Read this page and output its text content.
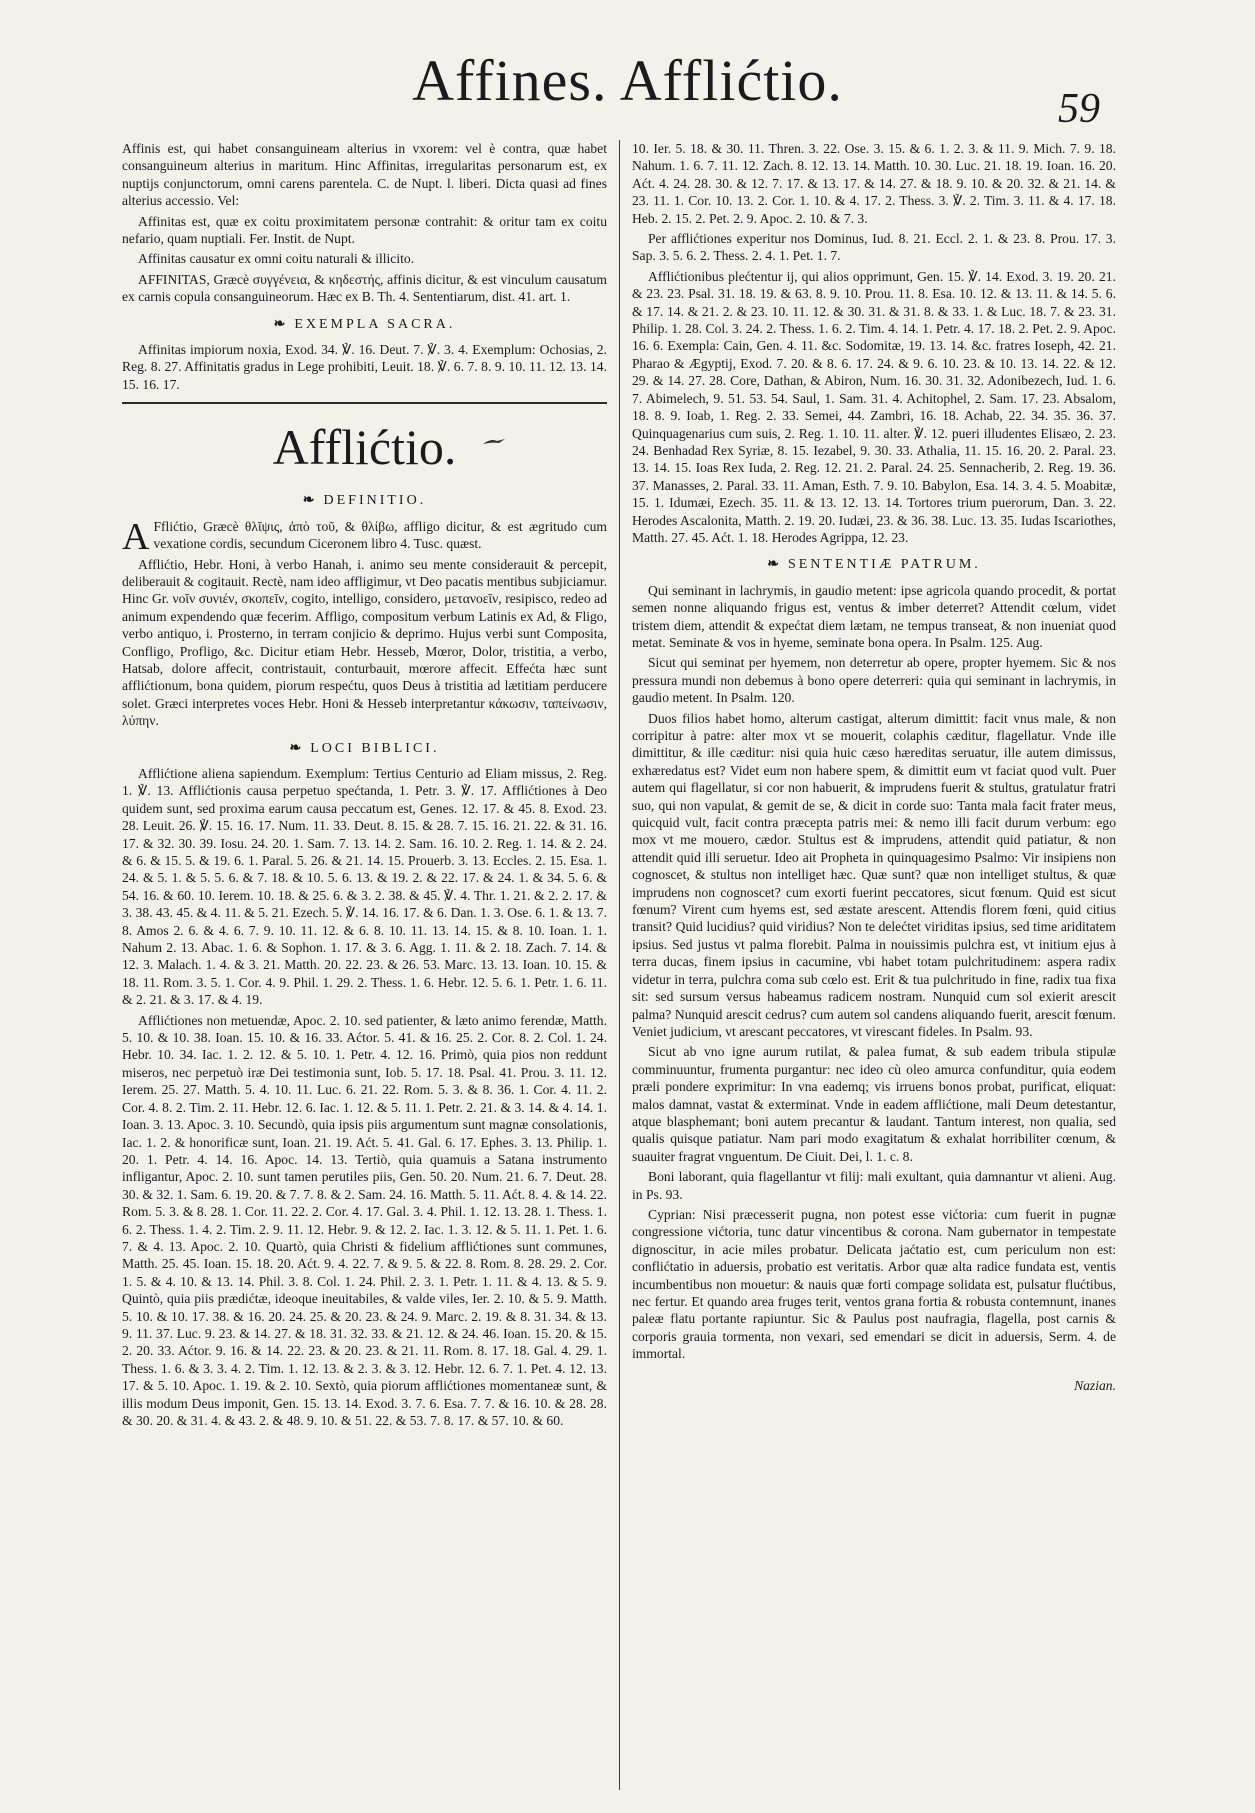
Affines. Afflićtio.	59

Affinis est, qui habet consanguineam alterius in vxorem: vel è contra, quæ habet consanguineum alterius in maritum. Hinc Affinitas, irregularitas personarum est, ex nuptijs conjunctorum, omni carens parentela. C. de Nupt. l. liberi. Dicta quasi ad fines alterius accessio. Vel:

Affinitas est, quæ ex coitu proximitatem personæ contrahit: & oritur tam ex coitu nefario, quam nuptiali. Fer. Instit. de Nupt.

Affinitas causatur ex omni coitu naturali & illicito.

AFFINITAS, Græcè συγγένεια, & κηδεστής, affinis dicitur, & est vinculum causatum ex carnis copula consanguineorum. Hæc ex B. Th. 4. Sententiarum, dist. 41. art. 1.

❧ EXEMPLA SACRA.

Affinitas impiorum noxia, Exod. 34. ℣. 16. Deut. 7. ℣. 3. 4. Exemplum: Ochosias, 2. Reg. 8. 27. Affinitatis gradus in Lege prohibiti, Leuit. 18. ℣. 6. 7. 8. 9. 10. 11. 12. 13. 14. 15. 16. 17.

Afflićtio.
❧ DEFINITIO.

A Fflićtio, Græcè θλῖψις, ἀπὸ τοῦ, & θλίβω, affligo dicitur, & est ægritudo cum vexatione cordis, secundum Ciceronem libro 4. Tusc. quæst.

Afflićtio, Hebr. Honi, à verbo Hanah, i. animo seu mente considerauit & percepit, deliberauit & cogitauit. Rectè, nam ideo affligimur, vt Deo pacatis mentibus subjiciamur. Hinc Gr. νοῖν συνιέν, σκοπεῖν, cogito, intelligo, considero, μετανοεῖν, resipisco, redeo ad animum expendendo quæ fecerim. Affligo, compositum verbum Latinis ex Ad, & Fligo, verbo antiquo, i. Prosterno, in terram conjicio & deprimo. Hujus verbi sunt Composita, Confligo, Profligo, &c. Dicitur etiam Hebr. Hesseb, Mœror, Dolor, tristitia, a verbo, Hatsab, dolore affecit, contristauit, conturbauit, mœrore affecit. Effećta hæc sunt afflićtionum, bona quidem, piorum respećtu, quos Deus à tristitia ad lætitiam perducere solet. Græci interpretes voces Hebr. Honi & Hesseb interpretantur κάκωσιν, ταπείνωσιν, λύπην.

❧ LOCI BIBLICI.

Afflićtione aliena sapiendum. Exemplum: Tertius Centurio ad Eliam missus, 2. Reg. 1. ℣. 13. Afflićtionis causa perpetuo spećtanda, 1. Petr. 3. ℣. 17. Afflićtiones à Deo quidem sunt, sed proxima earum causa peccatum est, Genes. 12. 17. & 45. 8. Exod. 23. 28. Leuit. 26. ℣. 15. 16. 17. Num. 11. 33. Deut. 8. 15. & 28. 7. 15. 16. 21. 22. & 31. 16. 17. & 32. 30. 39. Iosu. 24. 20. 1. Sam. 7. 13. 14. 2. Sam. 16. 10. 2. Reg. 1. 14. & 2. 24. & 6. & 15. 5. & 19. 6. 1. Paral. 5. 26. & 21. 14. 15. Prouerb. 3. 13. Eccles. 2. 15. Esa. 1. 24. & 5. 1. & 5. 5. 6. & 7. 18. & 10. 5. 6. 13. & 19. 2. & 22. 17. & 24. 1. & 34. 5. 6. & 54. 16. & 60. 10. Ierem. 10. 18. & 25. 6. & 3. 2. 38. & 45. ℣. 4. Thr. 1. 21. & 2. 2. 17. & 3. 38. 43. 45. & 4. 11. & 5. 21. Ezech. 5. ℣. 14. 16. 17. & 6. Dan. 1. 3. Ose. 6. 1. & 13. 7. 8. Amos 2. 6. & 4. 6. 7. 9. 10. 11. 12. & 6. 8. 10. 11. 13. 14. 15. & 8. 10. Ioan. 1. 1. Nahum 2. 13. Abac. 1. 6. & Sophon. 1. 17. & 3. 6. Agg. 1. 11. & 2. 18. Zach. 7. 14. & 12. 3. Malach. 1. 4. & 3. 21. Matth. 20. 22. 23. & 26. 53. Marc. 13. 13. Ioan. 10. 15. & 18. 11. Rom. 3. 5. 1. Cor. 4. 9. Phil. 1. 29. 2. Thess. 1. 6. Hebr. 12. 5. 6. 1. Petr. 1. 6. 11. & 2. 21. & 3. 17. & 4. 19.

Afflićtiones non metuendæ, Apoc. 2. 10. sed patienter, & læto animo ferendæ, Matth. 5. 10. & 10. 38. Ioan. 15. 10. & 16. 33. Aćtor. 5. 41. & 16. 25. 2. Cor. 8. 2. Col. 1. 24. Hebr. 10. 34. Iac. 1. 2. 12. & 5. 10. 1. Petr. 4. 12. 16. Primò, quia pios non reddunt miseros, nec perpetuò iræ Dei testimonia sunt, Iob. 5. 17. 18. Psal. 41. Prou. 3. 11. 12. Ierem. 25. 27. Matth. 5. 4. 10. 11. Luc. 6. 21. 22. Rom. 5. 3. & 8. 36. 1. Cor. 4. 11. 2. Cor. 4. 8. 2. Tim. 2. 11. Hebr. 12. 6. Iac. 1. 12. & 5. 11. 1. Petr. 2. 21. & 3. 14. & 4. 14. 1. Ioan. 3. 13. Apoc. 3. 10. Secundò, quia ipsis piis argumentum sunt magnæ consolationis, Iac. 1. 2. & honorificæ sunt, Ioan. 21. 19. Aćt. 5. 41. Gal. 6. 17. Ephes. 3. 13. Philip. 1. 20. 1. Petr. 4. 14. 16. Apoc. 14. 13. Tertiò, quia quamuis a Satana instrumento infligantur, Apoc. 2. 10. sunt tamen perutiles piis, Gen. 50. 20. Num. 21. 6. 7. Deut. 28. 30. & 32. 1. Sam. 6. 19. 20. & 7. 7. 8. & 2. Sam. 24. 16. Matth. 5. 11. Aćt. 8. 4. & 14. 22. Rom. 5. 3. & 8. 28. 1. Cor. 11. 22. 2. Cor. 4. 17. Gal. 3. 4. Phil. 1. 12. 13. 28. 1. Thess. 1. 6. 2. Thess. 1. 4. 2. Tim. 2. 9. 11. 12. Hebr. 9. & 12. 2. Iac. 1. 3. 12. & 5. 11. 1. Pet. 1. 6. 7. & 4. 13. Apoc. 2. 10. Quartò, quia Christi & fidelium afflićtiones sunt communes, Matth. 25. 45. Ioan. 15. 18. 20. Aćt. 9. 4. 22. 7. & 9. 5. & 22. 8. Rom. 8. 28. 29. 2. Cor. 1. 5. & 4. 10. & 13. 14. Phil. 3. 8. Col. 1. 24. Phil. 2. 3. 1. Petr. 1. 11. & 4. 13. & 5. 9. Quintò, quia piis prædićtæ, ideoque ineuitabiles, & valde viles, Ier. 2. 10. & 5. 9. Matth. 5. 10. & 10. 17. 38. & 16. 20. 24. 25. & 20. 23. & 24. 9. Marc. 2. 19. & 8. 31. 34. & 13. 9. 11. 37. Luc. 9. 23. & 14. 27. & 18. 31. 32. 33. & 21. 12. & 24. 46. Ioan. 15. 20. & 15. 2. 20. 33. Aćtor. 9. 16. & 14. 22. 23. & 20. 23. & 21. 11. Rom. 8. 17. 18. Gal. 4. 29. 1. Thess. 1. 6. & 3. 3. 4. 2. Tim. 1. 12. 13. & 2. 3. & 3. 12. Hebr. 12. 6. 7. 1. Pet. 4. 12. 13. 17. & 5. 10. Apoc. 1. 19. & 2. 10. Sextò, quia piorum afflićtiones momentaneæ sunt, & illis modum Deus imponit, Gen. 15. 13. 14. Exod. 3. 7. 6. Esa. 7. 7. & 16. 10. & 28. 28. & 30. 20. & 31. 4. & 43. 2. & 48. 9. 10. & 51. 22. & 53. 7. 8. 17. & 57. 10. & 60.

10. Ier. 5. 18. & 30. 11. Thren. 3. 22. Ose. 3. 15. & 6. 1. 2. 3. & 11. 9. Mich. 7. 9. 18. Nahum. 1. 6. 7. 11. 12. Zach. 8. 12. 13. 14. Matth. 10. 30. Luc. 21. 18. 19. Ioan. 16. 20. Aćt. 4. 24. 28. 30. & 12. 7. 17. & 13. 17. & 14. 27. & 18. 9. 10. & 20. 32. & 21. 14. & 23. 11. 1. Cor. 10. 13. 2. Cor. 1. 10. & 4. 17. 2. Thess. 3. ℣. 2. Tim. 3. 11. & 4. 17. 18. Heb. 2. 15. 2. Pet. 2. 9. Apoc. 2. 10. & 7. 3.

Per afflićtiones experitur nos Dominus, Iud. 8. 21. Eccl. 2. 1. & 23. 8. Prou. 17. 3. Sap. 3. 5. 6. 2. Thess. 2. 4. 1. Pet. 1. 7.

Afflićtionibus plećtentur ij, qui alios opprimunt, Gen. 15. ℣. 14. Exod. 3. 19. 20. 21. & 23. 23. Psal. 31. 18. 19. & 63. 8. 9. 10. Prou. 11. 8. Esa. 10. 12. & 13. 11. & 14. 5. 6. & 17. 14. & 21. 2. & 23. 10. 11. 12. & 30. 31. & 31. 8. & 33. 1. & Luc. 18. 7. & 23. 31. Philip. 1. 28. Col. 3. 24. 2. Thess. 1. 6. 2. Tim. 4. 14. 1. Petr. 4. 17. 18. 2. Pet. 2. 9. Apoc. 16. 6. Exempla: Cain, Gen. 4. 11. &c. Sodomitæ, 19. 13. 14. &c. fratres Ioseph, 42. 21. Pharao & Ægyptij, Exod. 7. 20. & 8. 6. 17. 24. & 9. 6. 10. 23. & 10. 13. 14. 22. & 12. 29. & 14. 27. 28. Core, Dathan, & Abiron, Num. 16. 30. 31. 32. Adonibezech, Iud. 1. 6. 7. Abimelech, 9. 51. 53. 54. Saul, 1. Sam. 31. 4. Achitophel, 2. Sam. 17. 23. Absalom, 18. 8. 9. Ioab, 1. Reg. 2. 33. Semei, 44. Zambri, 16. 18. Achab, 22. 34. 35. 36. 37. Quinquagenarius cum suis, 2. Reg. 1. 10. 11. alter. ℣. 12. pueri illudentes Elisæo, 2. 23. 24. Benhadad Rex Syriæ, 8. 15. Iezabel, 9. 30. 33. Athalia, 11. 15. 16. 20. 2. Paral. 23. 13. 14. 15. Ioas Rex Iuda, 2. Reg. 12. 21. 2. Paral. 24. 25. Sennacherib, 2. Reg. 19. 36. 37. Manasses, 2. Paral. 33. 11. Aman, Esth. 7. 9. 10. Babylon, Esa. 14. 3. 4. 5. Moabitæ, 15. 1. Idumæi, Ezech. 35. 11. & 13. 12. 13. 14. Tortores trium puerorum, Dan. 3. 22. Herodes Ascalonita, Matth. 2. 19. 20. Iudæi, 23. & 36. 38. Luc. 13. 35. Iudas Iscariothes, Matth. 27. 45. Aćt. 1. 18. Herodes Agrippa, 12. 23.

❧ SENTENTIÆ PATRUM.

Qui seminant in lachrymis, in gaudio metent: ipse agricola quando procedit, & portat semen nonne aliquando frigus est, ventus & imber deterret? Attendit cœlum, videt tristem diem, attendit & expećtat diem lætam, ne tempus transeat, & non inueniat quod metat. Seminate & vos in hyeme, seminate bona opera. In Psalm. 125. Aug.

Sicut qui seminat per hyemem, non deterretur ab opere, propter hyemem. Sic & nos pressura mundi non debemus à bono opere deterreri: quia qui seminant in lachrymis, in gaudio metent. In Psalm. 120.

Duos filios habet homo, alterum castigat, alterum dimittit: facit vnus male, & non corripitur à patre: alter mox vt se mouerit, colaphis cæditur, flagellatur. Vnde ille dimittitur, & ille cæditur: nisi quia huic cæso hæreditas seruatur, ille autem dimissus, exhæredatus est? Videt eum non habere spem, & dimittit eum vt faciat quod vult. Puer autem qui flagellatur, si cor non habuerit, & imprudens fuerit & stultus, gratulatur fratri suo, qui non vapulat, & gemit de se, & dicit in corde suo: Tanta mala facit frater meus, quicquid vult, facit contra præcepta patris mei: & nemo illi facit durum verbum: ego mox vt me mouero, cædor. Stultus est & imprudens, attendit quid patiatur, & non attendit quid illi seruetur. Ideo ait Propheta in quinquagesimo Psalmo: Vir insipiens non cognoscet, & stultus non intelliget hæc. Quæ sunt? quæ non intelliget stultus, & quæ imprudens non cognoscet? cum exorti fuerint peccatores, sicut fœnum. Quid est sicut fœnum? Virent cum hyems est, sed æstate arescent. Attendis florem fœni, quid citius transit? Quid lucidius? quid viridius? Non te delećtet viriditas ipsius, sed time ariditatem ipsius. Sed justus vt palma florebit. Palma in nouissimis pulchra est, vt initium ejus à terra ducas, finem ipsius in cacumine, vbi habet totam pulchritudinem: aspera radix videtur in terra, pulchra coma sub cœlo est. Erit & tua pulchritudo in fine, radix tua fixa sit: sed sursum versus habeamus radicem nostram. Nunquid cum sol exierit arescit palma? Nunquid arescit cedrus? cum autem sol candens aliquando fuerit, arescit fœnum. Veniet judicium, vt arescant peccatores, vt virescant fideles. In Psalm. 93.

Sicut ab vno igne aurum rutilat, & palea fumat, & sub eadem tribula stipulæ comminuuntur, frumenta purgantur: nec ideo cù oleo amurca confunditur, quia eodem præli pondere exprimitur: In vna eademq; vis irruens bonos probat, purificat, eliquat: malos damnat, vastat & exterminat. Vnde in eadem afflićtione, mali Deum detestantur, atque blasphemant; boni autem precantur & laudant. Tantum interest, non qualia, sed qualis quisque patiatur. Nam pari modo exagitatum & exhalat horribiliter cœnum, & suauiter fragrat vnguentum. De Ciuit. Dei, l. 1. c. 8.

Boni laborant, quia flagellantur vt filij: mali exultant, quia damnantur vt alieni. Aug. in Ps. 93.

Cyprian: Nisi præcesserit pugna, non potest esse vićtoria: cum fuerit in pugnæ congressione vićtoria, tunc datur vincentibus & corona. Nam gubernator in tempestate dignoscitur, in acie miles probatur. Delicata jaćtatio est, cum periculum non est: conflićtatio in aduersis, probatio est veritatis. Arbor quæ alta radice fundata est, ventis incumbentibus non mouetur: & nauis quæ forti compage solidata est, pulsatur flućtibus, nec fertur. Et quando area fruges terit, ventos grana fortia & robusta contemnunt, inanes paleæ flatu portante rapiuntur. Sic & Paulus post naufragia, flagella, post carnis & corporis grauia tormenta, non vexari, sed emendari se dicit in aduersis, Serm. 4. de immortal.

Nazian.
